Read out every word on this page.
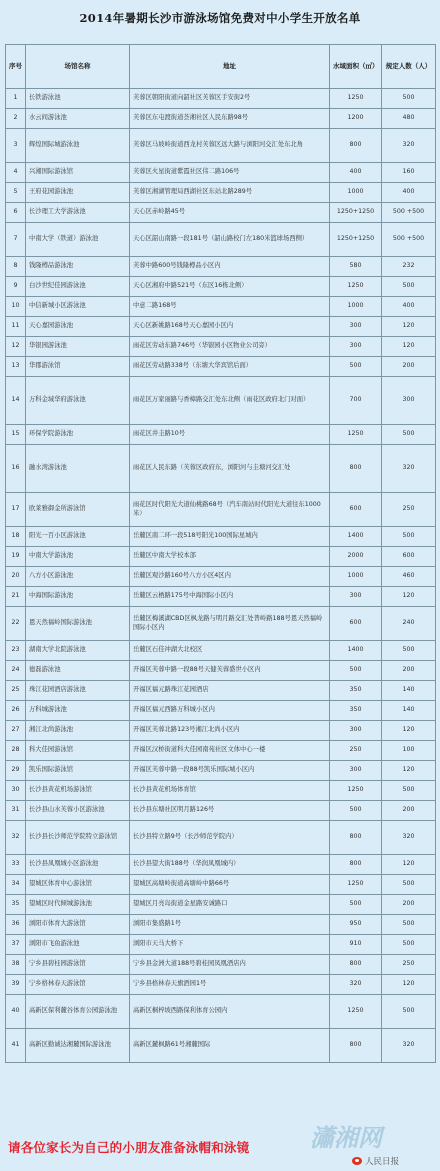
2014年暑期长沙市游泳场馆免费对中小学生开放名单
序号	场馆名称	地址	水域面积（㎡）	规定人数（人）
1	长铁游泳池	芙蓉区朝阳街道向韶社区芙蓉区手安街2号	1250	500
2	水云间游泳池	芙蓉区东屯渡街道荟湘社区人民东路98号	1200	480
3	辉煌国际城游泳池	芙蓉区马坡岭街道西龙村芙蓉区远大路与浏阳河交汇处东北角	800	320
4	兴湘国际游泳馆	芙蓉区火星街道紫霞社区伟二路106号	400	160
5	王府花园游泳池	芙蓉区湘湖管理局西湖社区东站北路289号	1000	400
6	长沙理工大学游泳池	天心区赤岭路45号	1250+1250	500 +500
7	中南大学（铁道）游泳池	天心区韶山南路一段181号（韶山路校门左180米篮球场西侧）	1250+1250	500 +500
8	钱隆樽品游泳池	芙蓉中路600号钱隆樽品小区内	580	232
9	白沙世纪佳园游泳池	天心区湘府中路521号（东区16栋北侧）	1250	500
10	中信新城小区游泳池	中意二路168号	1000	400
11	天心嘉园游泳池	天心区新姚路168号天心嘉园小区内	300	120
12	华银园游泳池	雨花区劳动东路746号（华银园小区物业公司旁）	300	120
13	华郡游泳馆	雨花区劳动路338号（东塘大华宾馆后面）	500	200
14	万科金域华府游泳池	雨花区万家丽路与香樟路交汇处东北侧（雨花区政府北门对面）	700	300
15	环保学院游泳池	雨花区井圭路10号	1250	500
16	融水湾游泳池	雨花区人民东路（芙蓉区政府东，浏阳河与圭塘河交汇处	800	320
17	欧莱雅御金所游泳馆	雨花区时代阳光大道仙桃路68号（汽车南站时代阳光大道往东1000米）	600	250
18	阳光一百小区游泳池	岳麓区南二环一段518号阳光100国际星城内	1400	500
19	中南大学游泳池	岳麓区中南大学校本部	2000	600
20	八方小区游泳池	岳麓区观沙路160号八方小区4区内	1000	460
21	中海国际游泳池	岳麓区云栖路175号中海国际小区内	300	120
22	恩天然福岭国际游泳池	岳麓区梅溪湖CBD区枫龙路与明月路交汇处普岭路188号恩天然福岭国际小区内	600	240
23	湖南大学北院游泳池	岳麓区石佳冲湖大北校区	1400	500
24	德磊游泳池	开福区芙蓉中路一段88号天健芙蓉盛世小区内	500	200
25	珠江花园酒店游泳池	开福区福元路珠江花园酒店	350	140
26	万科城游泳池	开福区福元西路万科城小区内	350	140
27	湘江北尚游泳池	开福区芙蓉北路123号湘江北尚小区内	300	120
28	科大佳园游泳馆	开福区汉桥街道科大佳园南苑社区文体中心一楼	250	100
29	凯乐国际游泳馆	开福区芙蓉中路一段88号凯乐国际城小区内	300	120
30	长沙县黄花机场游泳馆	长沙县黄花机场体育馆	1250	500
31	长沙县山水芙蓉小区游泳池	长沙县东塘社区明月路126号	500	200
32	长沙县长沙师范学院特立游泳馆	长沙县特立路9号（长沙师范学院内）	800	320
33	长沙县凤凰城小区游泳池	长沙县望大街188号（华润凤凰城内）	800	120
34	望城区体育中心游泳馆	望城区高塘岭街道高塘岭中路66号	1250	500
35	望城区时代倾城游泳池	望城区月亮岛街道金星路安诚路口	500	200
36	浏阳市体育大游泳馆	浏阳市集盛路1号	950	500
37	浏阳市飞鱼游泳池	浏阳市天马大桥下	910	500
38	宁乡县碧桂园游泳馆	宁乡县金洲大道188号碧桂园凤凰酒店内	800	250
39	宁乡格林春天游泳馆	宁乡县格林春天旗酒园1号	320	120
40	高新区保利麓谷体育公园游泳池	高新区桐梓坡西路保利体育公园内	1250	500
41	高新区勤诚达湘麓国际游泳池	高新区麓枫路61号湘麓国际	800	320
瀟湘网
请各位家长为自己的小朋友准备泳帽和泳镜
人民日报
